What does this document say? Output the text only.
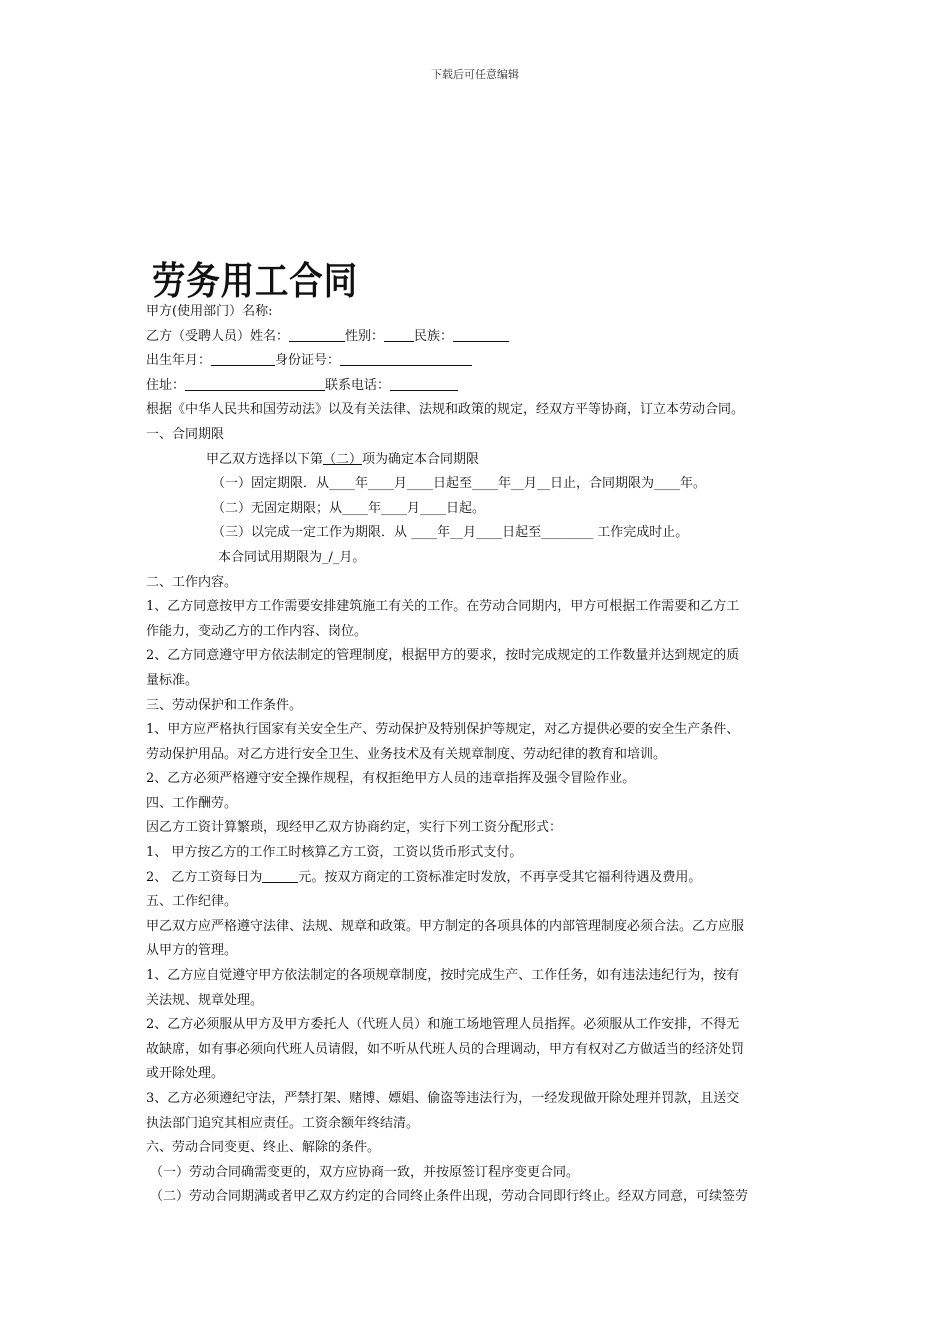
下载后可任意编辑
劳务用工合同
甲方(使用部门）名称:
乙方（受聘人员）姓名：	性别： 民族：
出生年月：	身份证号：
住址：	联系电话：
根据《中华人民共和国劳动法》以及有关法律、法规和政策的规定，经双方平等协商，订立本劳动合同。
一、合同期限
甲乙双方选择以下第（二）项为确定本合同期限
（一）固定期限．从____年____月____日起至____年__月__日止，合同期限为____年。
（二）无固定期限；从____年____月____日起。
（三）以完成一定工作为期限．从 ____年__月____日起至________ 工作完成时止。
本合同试用期限为_/_月。
二、工作内容。
1、乙方同意按甲方工作需要安排建筑施工有关的工作。在劳动合同期内，甲方可根据工作需要和乙方工
作能力，变动乙方的工作内容、岗位。
2、乙方同意遵守甲方依法制定的管理制度，根据甲方的要求，按时完成规定的工作数量并达到规定的质
量标准。
三、劳动保护和工作条件。
1、甲方应严格执行国家有关安全生产、劳动保护及特别保护等规定，对乙方提供必要的安全生产条件、
劳动保护用品。对乙方进行安全卫生、业务技术及有关规章制度、劳动纪律的教育和培训。
2、乙方必须严格遵守安全操作规程，有权拒绝甲方人员的违章指挥及强令冒险作业。
四、工作酬劳。
因乙方工资计算繁琐，现经甲乙双方协商约定，实行下列工资分配形式：
1、 甲方按乙方的工作工时核算乙方工资，工资以货币形式支付。
2、 乙方工资每日为	元。按双方商定的工资标准定时发放，不再享受其它福利待遇及费用。
五、工作纪律。
甲乙双方应严格遵守法律、法规、规章和政策。甲方制定的各项具体的内部管理制度必须合法。乙方应服
从甲方的管理。
1、乙方应自觉遵守甲方依法制定的各项规章制度，按时完成生产、工作任务，如有违法违纪行为，按有
关法规、规章处理。
2、乙方必须服从甲方及甲方委托人（代班人员）和施工场地管理人员指挥。必须服从工作安排，不得无
故缺席，如有事必须向代班人员请假，如不听从代班人员的合理调动，甲方有权对乙方做适当的经济处罚
或开除处理。
3、乙方必须遵纪守法，严禁打架、赌博、嫖娼、偷盗等违法行为，一经发现做开除处理并罚款，且送交
执法部门追究其相应责任。工资余额年终结清。
六、劳动合同变更、终止、解除的条件。
（一）劳动合同确需变更的，双方应协商一致，并按原签订程序变更合同。
（二）劳动合同期满或者甲乙双方约定的合同终止条件出现，劳动合同即行终止。经双方同意，可续签劳
